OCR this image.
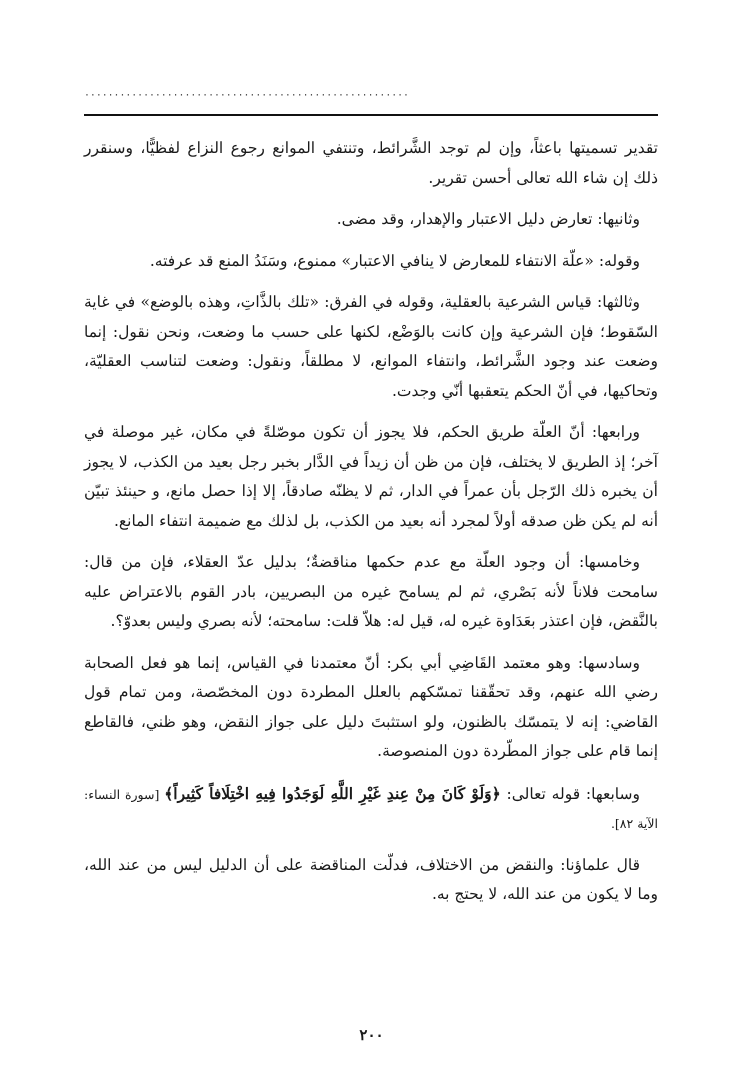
٠٠٠٠٠٠٠٠٠٠٠٠٠٠٠٠٠٠٠٠٠٠٠٠٠٠٠٠٠٠٠٠٠٠٠٠٠٠٠٠٠٠٠٠٠٠٠٠٠٠٠٠٠٠٠

تقدير تسميتها باعثاً، وإن لم توجد الشَّرائط، وتنتفي الموانع رجوع النزاع لفظيًّا، وسنقرر ذلك إن شاء الله تعالى أحسن تقرير.

وثانيها: تعارض دليل الاعتبار والإهدار، وقد مضى.

وقوله: «علّة الانتفاء للمعارض لا ينافي الاعتبار» ممنوع، وسَنَدُ المنع قد عرفته.

وثالثها: قياس الشرعية بالعقلية، وقوله في الفرق: «تلك بالذَّاتِ، وهذه بالوضع» في غاية السّقوط؛ فإن الشرعية وإن كانت بالوَضْع، لكنها على حسب ما وضعت، ونحن نقول: إنما وضعت عند وجود الشَّرائط، وانتفاء الموانع، لا مطلقاً، ونقول: وضعت لتناسب العقليّة، وتحاكيها، في أنّ الحكم يتعقبها أنّي وجدت.

ورابعها: أنّ العلّة طريق الحكم، فلا يجوز أن تكون موصّلةً في مكان، غير موصلة في آخر؛ إذ الطريق لا يختلف، فإن من ظن أن زيداً في الدَّار بخبر رجل بعيد من الكذب، لا يجوز أن يخبره ذلك الرّجل بأن عمراً في الدار، ثم لا يظنّه صادقاً، إلا إذا حصل مانع، و حينئذ تبيّن أنه لم يكن ظن صدقه أولاً لمجرد أنه بعيد من الكذب، بل لذلك مع ضميمة انتفاء المانع.

وخامسها: أن وجود العلّة مع عدم حكمها مناقضةٌ؛ بدليل عدّ العقلاء، فإن من قال: سامحت فلاناً لأنه بَصْري، ثم لم يسامح غيره من البصريين، بادر القوم بالاعتراض عليه بالنَّقض، فإن اعتذر بعَدَاوة غيره له، قيل له: هلاّ قلت: سامحته؛ لأنه بصري وليس بعدوّ؟.

وسادسها: وهو معتمد القَاضِي أبي بكر: أنّ معتمدنا في القياس، إنما هو فعل الصحابة رضي الله عنهم، وقد تحقّقنا تمسّكهم بالعلل المطردة دون المخصّصة، ومن تمام قول القاضي: إنه لا يتمسّك بالظنون، ولو استثبتَ دليل على جواز النقض، وهو ظني، فالقاطع إنما قام على جواز المطّردة دون المنصوصة.

وسابعها: قوله تعالى: ﴿وَلَوْ كَانَ مِنْ عِندِ غَيْرِ اللَّهِ لَوَجَدُوا فِيهِ اخْتِلَافاً كَثِيراً﴾ [سورة النساء: الآية ٨٢].

قال علماؤنا: والنقض من الاختلاف، فدلّت المناقضة على أن الدليل ليس من عند الله، وما لا يكون من عند الله، لا يحتج به.

٢٠٠
